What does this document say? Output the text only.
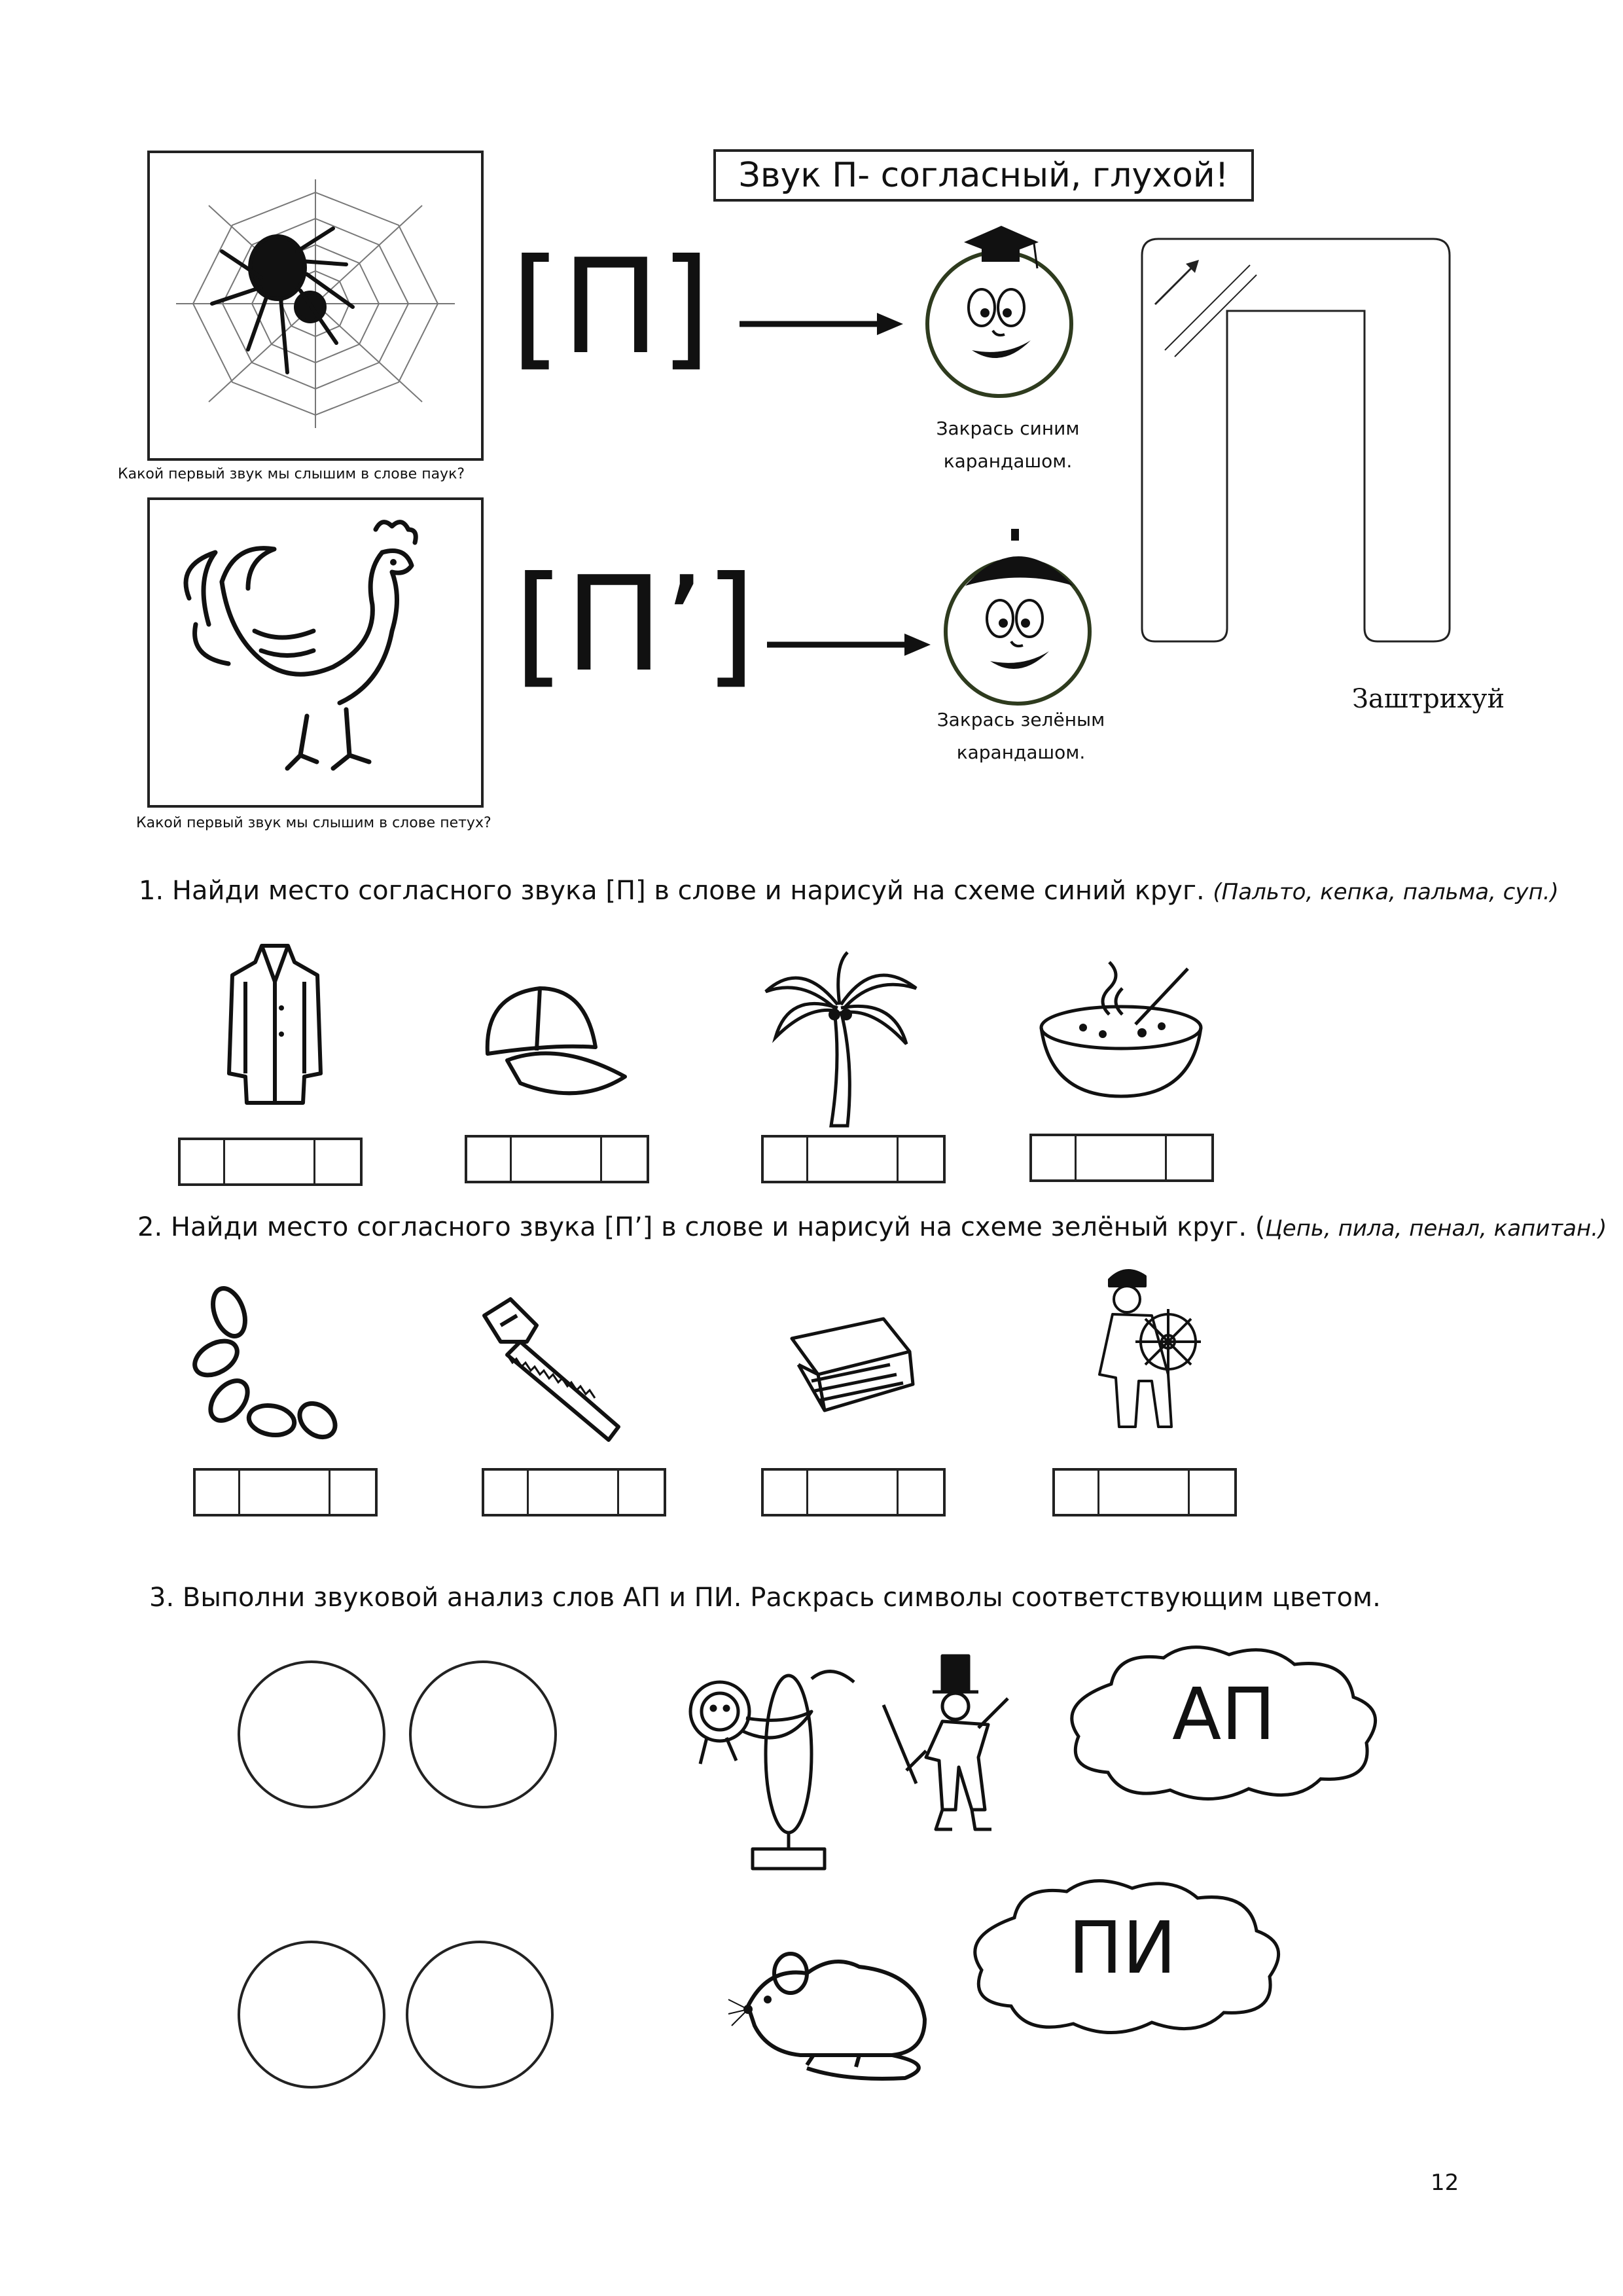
Звук П- согласный, глухой!
Какой первый звук мы слышим в слове паук?
Какой первый звук мы слышим в слове петух?
[П]
[П’]
Закрась синим
карандашом.
Закрась зелёным
карандашом.
Заштрихуй
1. Найди место согласного звука [П] в слове и нарисуй на схеме синий круг. (Пальто, кепка, пальма, суп.)
2. Найди место согласного звука [П’] в слове и нарисуй на схеме зелёный круг. (Цепь, пила, пенал, капитан.)
3. Выполни звуковой анализ слов АП и ПИ. Раскрась символы соответствующим цветом.
АП
ПИ
12
